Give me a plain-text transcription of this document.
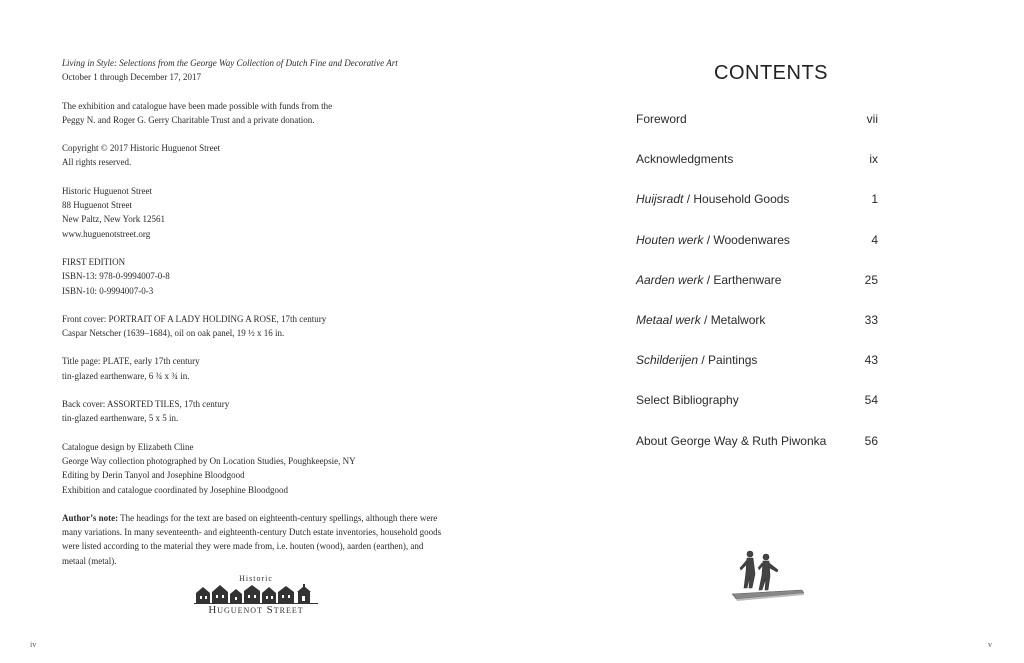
Living in Style: Selections from the George Way Collection of Dutch Fine and Decorative Art
October 1 through December 17, 2017

The exhibition and catalogue have been made possible with funds from the
Peggy N. and Roger G. Gerry Charitable Trust and a private donation.

Copyright © 2017 Historic Huguenot Street
All rights reserved.

Historic Huguenot Street
88 Huguenot Street
New Paltz, New York 12561
www.huguenotstreet.org

FIRST EDITION
ISBN-13: 978-0-9994007-0-8
ISBN-10: 0-9994007-0-3

Front cover: PORTRAIT OF A LADY HOLDING A ROSE, 17th century
Caspar Netscher (1639–1684), oil on oak panel, 19 ½ x 16 in.

Title page: PLATE, early 17th century
tin-glazed earthenware, 6 ¾ x ¾ in.

Back cover: ASSORTED TILES, 17th century
tin-glazed earthenware, 5 x 5 in.

Catalogue design by Elizabeth Cline
George Way collection photographed by On Location Studies, Poughkeepsie, NY
Editing by Derin Tanyol and Josephine Bloodgood
Exhibition and catalogue coordinated by Josephine Bloodgood

Author’s note: The headings for the text are based on eighteenth-century spellings, although there were
many variations. In many seventeenth- and eighteenth-century Dutch estate inventories, household goods
were listed according to the material they were made from, i.e. houten (wood), aarden (earthen), and
metaal (metal).

Historic
Huguenot Street
iv
CONTENTS
Foreword	vii
Acknowledgments	ix
Huijsradt / Household Goods	1
Houten werk / Woodenwares	4
Aarden werk / Earthenware	25
Metaal werk / Metalwork	33
Schilderijen / Paintings	43
Select Bibliography	54
About George Way & Ruth Piwonka	56
v
